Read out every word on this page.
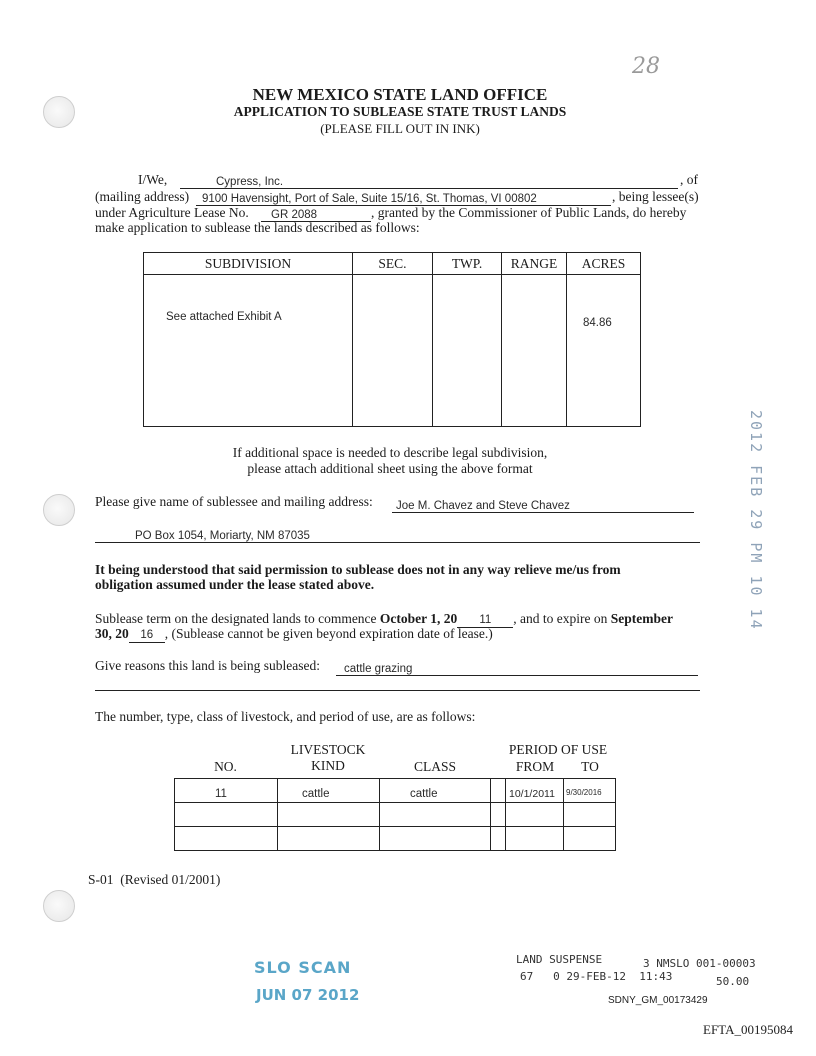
28
NEW MEXICO STATE LAND OFFICE
APPLICATION TO SUBLEASE STATE TRUST LANDS
(PLEASE FILL OUT IN INK)
I/We,	Cypress, Inc.	, of
(mailing address)	9100 Havensight, Port of Sale, Suite 15/16, St. Thomas, VI 00802	, being lessee(s)
under Agriculture Lease No.	GR 2088	, granted by the Commissioner of Public Lands, do hereby
make application to sublease the lands described as follows:
SUBDIVISION	SEC.	TWP.	RANGE	ACRES

See attached Exhibit A				84.86
If additional space is needed to describe legal subdivision,
please attach additional sheet using the above format
Please give name of sublessee and mailing address:	Joe M. Chavez and Steve Chavez
PO Box 1054, Moriarty, NM 87035
It being understood that said permission to sublease does not in any way relieve me/us from
obligation assumed under the lease stated above.
Sublease term on the designated lands to commence October 1, 20 11 , and to expire on September
30, 20 16 , (Sublease cannot be given beyond expiration date of lease.)
Give reasons this land is being subleased:	cattle grazing
The number, type, class of livestock, and period of use, are as follows:
NO.
LIVESTOCK
KIND	CLASS
PERIOD OF USE
FROM	TO
11	cattle	cattle		10/1/2011	9/30/2016

S-01  (Revised 01/2001)
2012 FEB 29 PM 10 14
SLO SCAN
JUN 07 2012
LAND SUSPENSE	3 NMSLO 001-00003
67   0 29-FEB-12  11:43	50.00
SDNY_GM_00173429
EFTA_00195084
